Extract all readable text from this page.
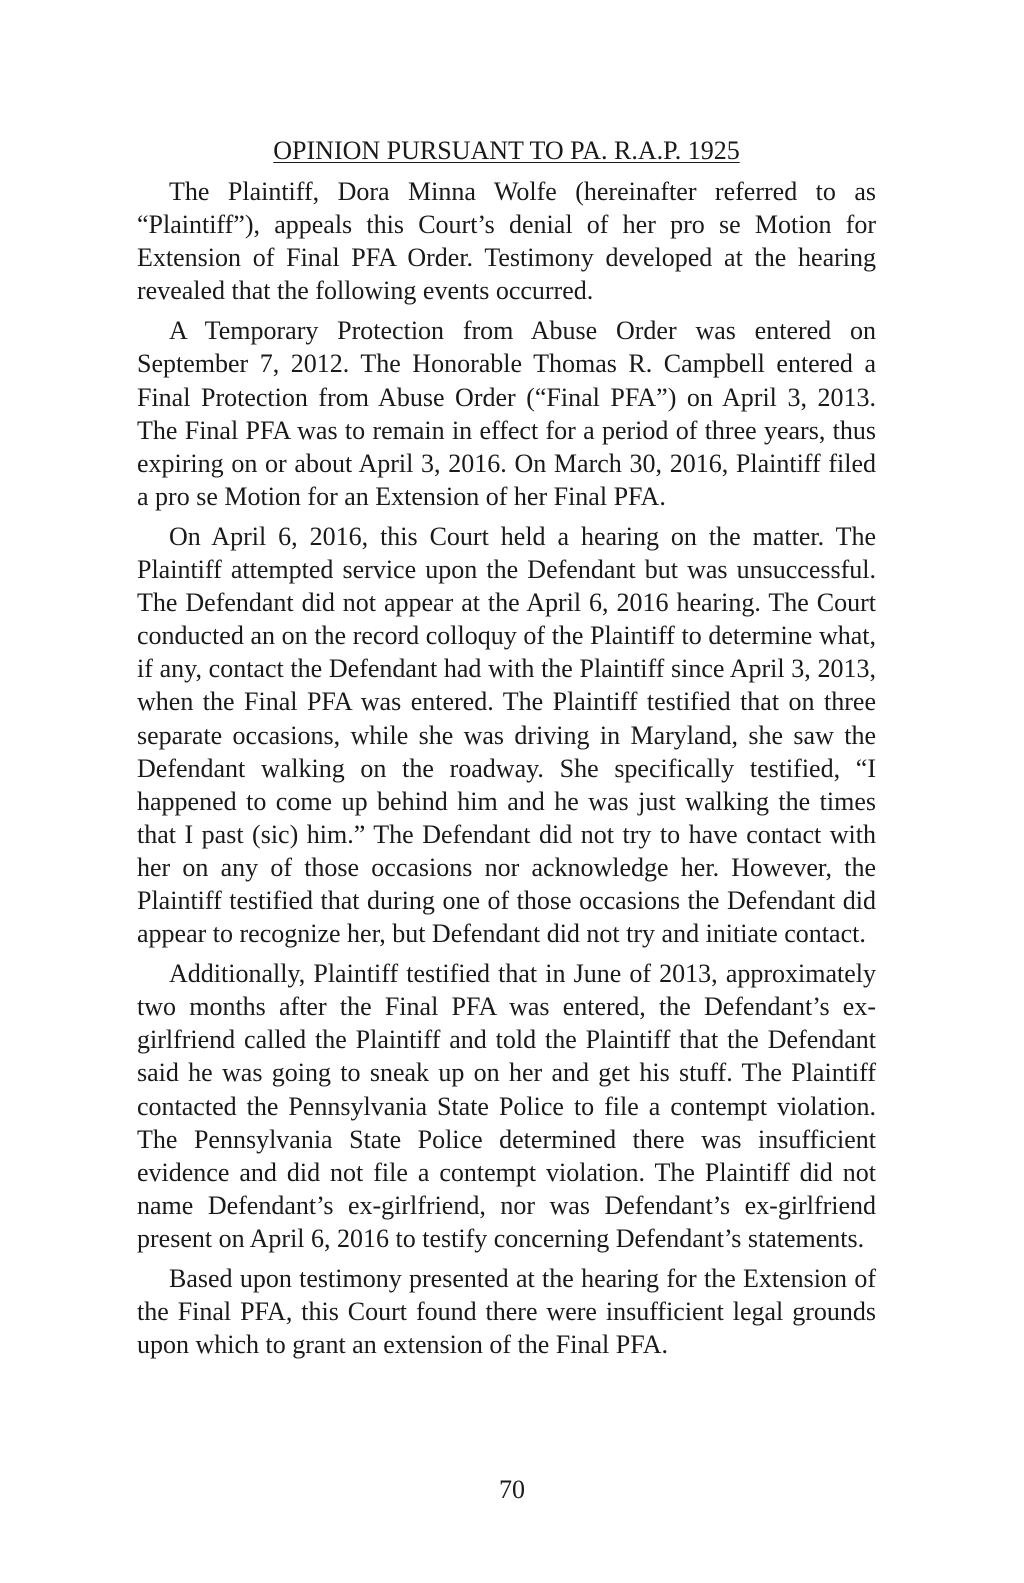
OPINION PURSUANT TO PA. R.A.P. 1925

The Plaintiff, Dora Minna Wolfe (hereinafter referred to as “Plaintiff”), appeals this Court’s denial of her pro se Motion for Extension of Final PFA Order. Testimony developed at the hearing revealed that the following events occurred.

A Temporary Protection from Abuse Order was entered on September 7, 2012. The Honorable Thomas R. Campbell entered a Final Protection from Abuse Order (“Final PFA”) on April 3, 2013. The Final PFA was to remain in effect for a period of three years, thus expiring on or about April 3, 2016. On March 30, 2016, Plaintiff filed a pro se Motion for an Extension of her Final PFA.

On April 6, 2016, this Court held a hearing on the matter. The Plaintiff attempted service upon the Defendant but was unsuccessful. The Defendant did not appear at the April 6, 2016 hearing. The Court conducted an on the record colloquy of the Plaintiff to determine what, if any, contact the Defendant had with the Plaintiff since April 3, 2013, when the Final PFA was entered. The Plaintiff testified that on three separate occasions, while she was driving in Maryland, she saw the Defendant walking on the roadway. She specifically testified, “I happened to come up behind him and he was just walking the times that I past (sic) him.” The Defendant did not try to have contact with her on any of those occasions nor acknowledge her. However, the Plaintiff testified that during one of those occasions the Defendant did appear to recognize her, but Defendant did not try and initiate contact.

Additionally, Plaintiff testified that in June of 2013, approximately two months after the Final PFA was entered, the Defendant’s ex-girlfriend called the Plaintiff and told the Plaintiff that the Defendant said he was going to sneak up on her and get his stuff. The Plaintiff contacted the Pennsylvania State Police to file a contempt violation. The Pennsylvania State Police determined there was insufficient evidence and did not file a contempt violation. The Plaintiff did not name Defendant’s ex-girlfriend, nor was Defendant’s ex-girlfriend present on April 6, 2016 to testify concerning Defendant’s statements.

Based upon testimony presented at the hearing for the Extension of the Final PFA, this Court found there were insufficient legal grounds upon which to grant an extension of the Final PFA.

70
